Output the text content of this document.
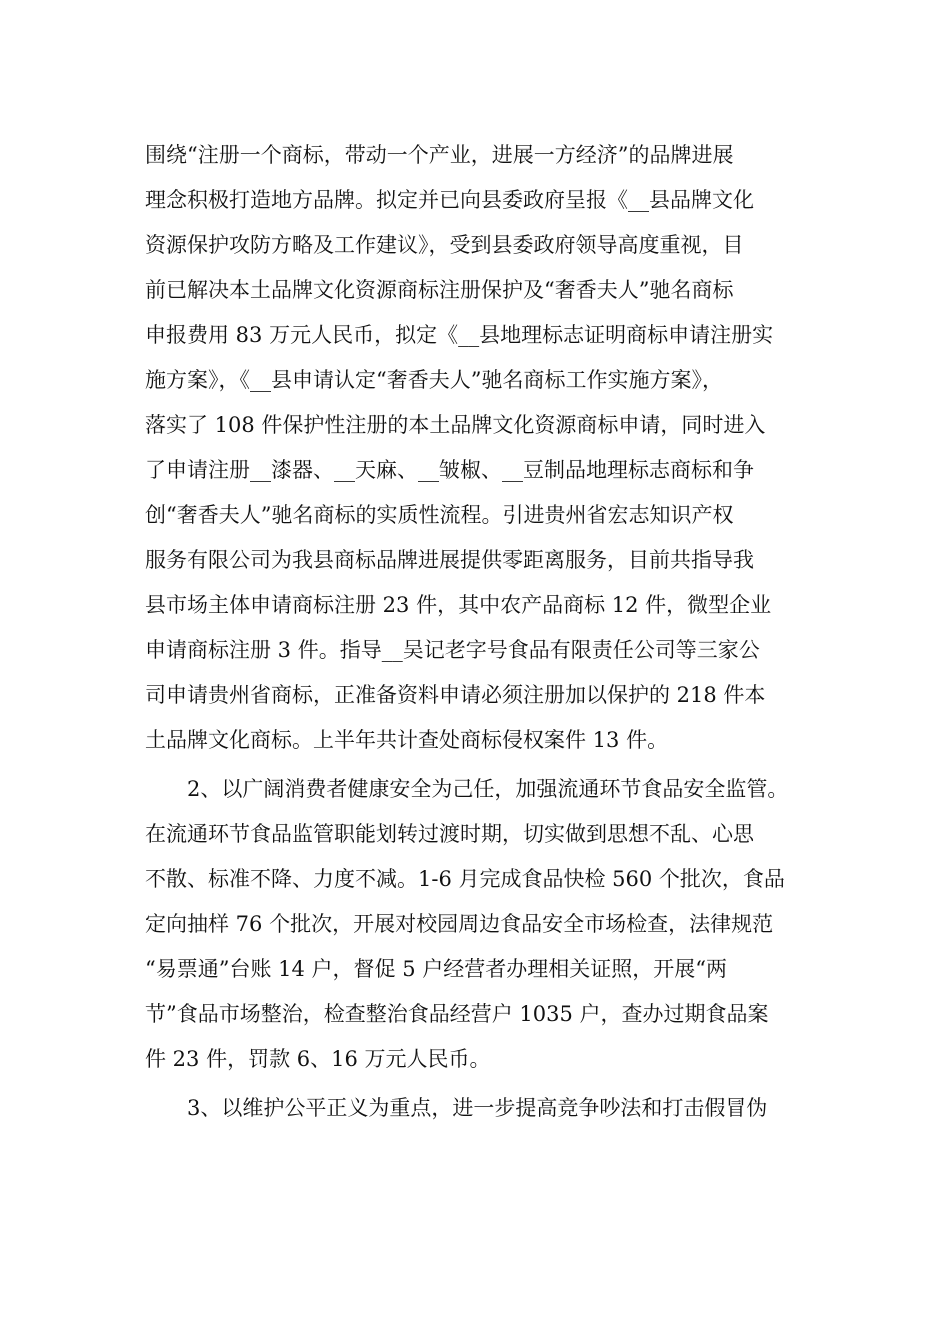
围绕“注册一个商标，带动一个产业，进展一方经济”的品牌进展
理念积极打造地方品牌。拟定并已向县委政府呈报《__县品牌文化
资源保护攻防方略及工作建议》，受到县委政府领导高度重视，目
前已解决本土品牌文化资源商标注册保护及“奢香夫人”驰名商标
申报费用 83 万元人民币，拟定《__县地理标志证明商标申请注册实
施方案》，《__县申请认定“奢香夫人”驰名商标工作实施方案》，
落实了 108 件保护性注册的本土品牌文化资源商标申请，同时进入
了申请注册__漆器、__天麻、__皱椒、__豆制品地理标志商标和争
创“奢香夫人”驰名商标的实质性流程。引进贵州省宏志知识产权
服务有限公司为我县商标品牌进展提供零距离服务，目前共指导我
县市场主体申请商标注册 23 件，其中农产品商标 12 件，微型企业
申请商标注册 3 件。指导__吴记老字号食品有限责任公司等三家公
司申请贵州省商标，正准备资料申请必须注册加以保护的 218 件本
土品牌文化商标。上半年共计查处商标侵权案件 13 件。
2、以广阔消费者健康安全为己任，加强流通环节食品安全监管。
在流通环节食品监管职能划转过渡时期，切实做到思想不乱、心思
不散、标准不降、力度不减。1-6 月完成食品快检 560 个批次，食品
定向抽样 76 个批次，开展对校园周边食品安全市场检查，法律规范
“易票通”台账 14 户，督促 5 户经营者办理相关证照，开展“两
节”食品市场整治，检查整治食品经营户 1035 户，查办过期食品案
件 23 件，罚款 6、16 万元人民币。
3、以维护公平正义为重点，进一步提高竞争吵法和打击假冒伪
